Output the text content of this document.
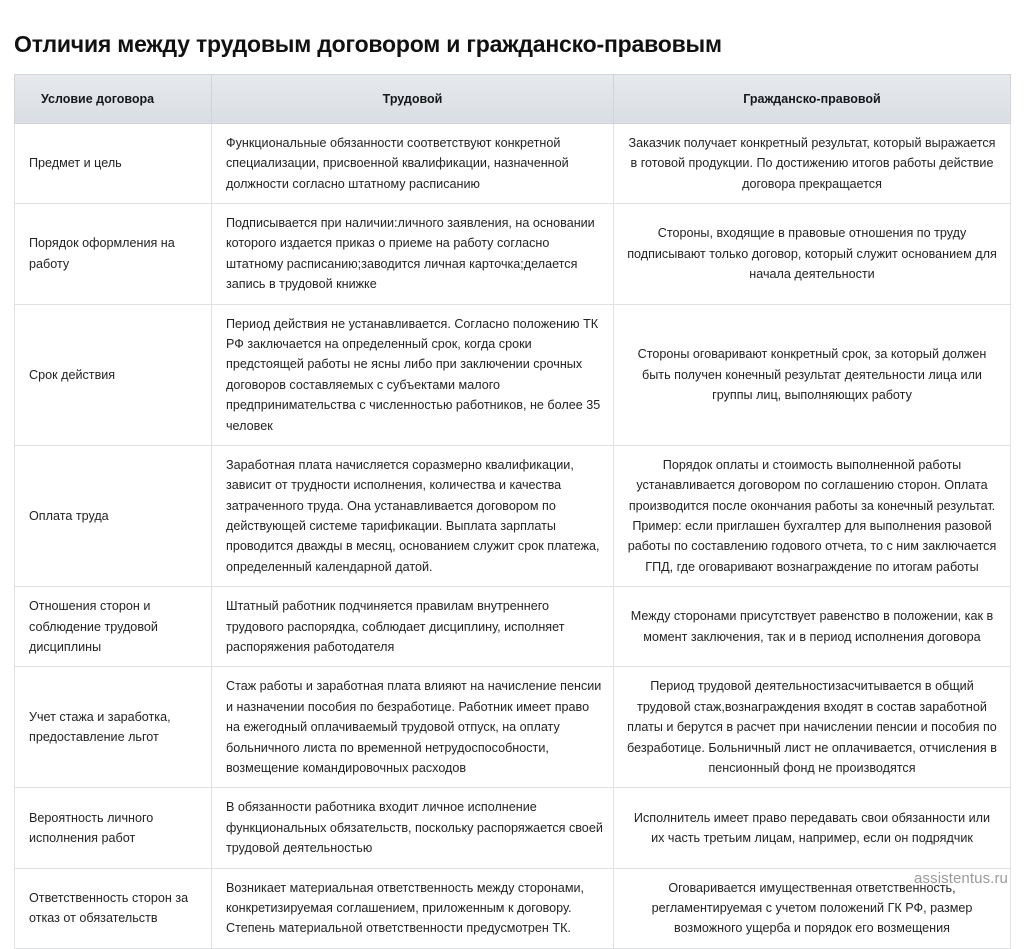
Отличия между трудовым договором и гражданско-правовым
Условие договора	Трудовой	Гражданско-правовой
Предмет и цель	Функциональные обязанности соответствуют конкретной специализации, присвоенной квалификации, назначенной должности согласно штатному расписанию	Заказчик получает конкретный результат, который выражается в готовой продукции. По достижению итогов работы действие договора прекращается
Порядок оформления на работу	Подписывается при наличии:личного заявления, на основании которого издается приказ о приеме на работу согласно штатному расписанию;заводится личная карточка;делается запись в трудовой книжке	Стороны, входящие в правовые отношения по труду подписывают только договор, который служит основанием для начала деятельности
Срок действия	Период действия не устанавливается. Согласно положению ТК РФ заключается на определенный срок, когда сроки предстоящей работы не ясны либо при заключении срочных договоров составляемых с субъектами малого предпринимательства с численностью работников, не более 35 человек	Стороны оговаривают конкретный срок, за который должен быть получен конечный результат деятельности лица или группы лиц, выполняющих работу
Оплата труда	Заработная плата начисляется соразмерно квалификации, зависит от трудности исполнения, количества и качества затраченного труда. Она устанавливается договором по действующей системе тарификации. Выплата зарплаты проводится дважды в месяц, основанием служит срок платежа, определенный календарной датой.	Порядок оплаты и стоимость выполненной работы устанавливается договором по соглашению сторон. Оплата производится после окончания работы за конечный результат. Пример: если приглашен бухгалтер для выполнения разовой работы по составлению годового отчета, то с ним заключается ГПД, где оговаривают вознаграждение по итогам работы
Отношения сторон и соблюдение трудовой дисциплины	Штатный работник подчиняется правилам внутреннего трудового распорядка, соблюдает дисциплину, исполняет распоряжения работодателя	Между сторонами присутствует равенство в положении, как в момент заключения, так и в период исполнения договора
Учет стажа и заработка, предоставление льгот	Стаж работы и заработная плата влияют на начисление пенсии и назначении пособия по безработице. Работник имеет право на ежегодный оплачиваемый трудовой отпуск, на оплату больничного листа по временной нетрудоспособности, возмещение командировочных расходов	Период трудовой деятельностизасчитывается в общий трудовой стаж,вознаграждения входят в состав заработной платы и берутся в расчет при начислении пенсии и пособия по безработице. Больничный лист не оплачивается, отчисления в пенсионный фонд не производятся
Вероятность личного исполнения работ	В обязанности работника входит личное исполнение функциональных обязательств, поскольку распоряжается своей трудовой деятельностью	Исполнитель имеет право передавать свои обязанности или их часть третьим лицам, например, если он подрядчик
Ответственность сторон за отказ от обязательств	Возникает материальная ответственность между сторонами, конкретизируемая соглашением, приложенным к договору. Степень материальной ответственности предусмотрен ТК.	Оговаривается имущественная ответственность, регламентируемая с учетом положений ГК РФ, размер возможного ущерба и порядок его возмещения
assistentus.ru
